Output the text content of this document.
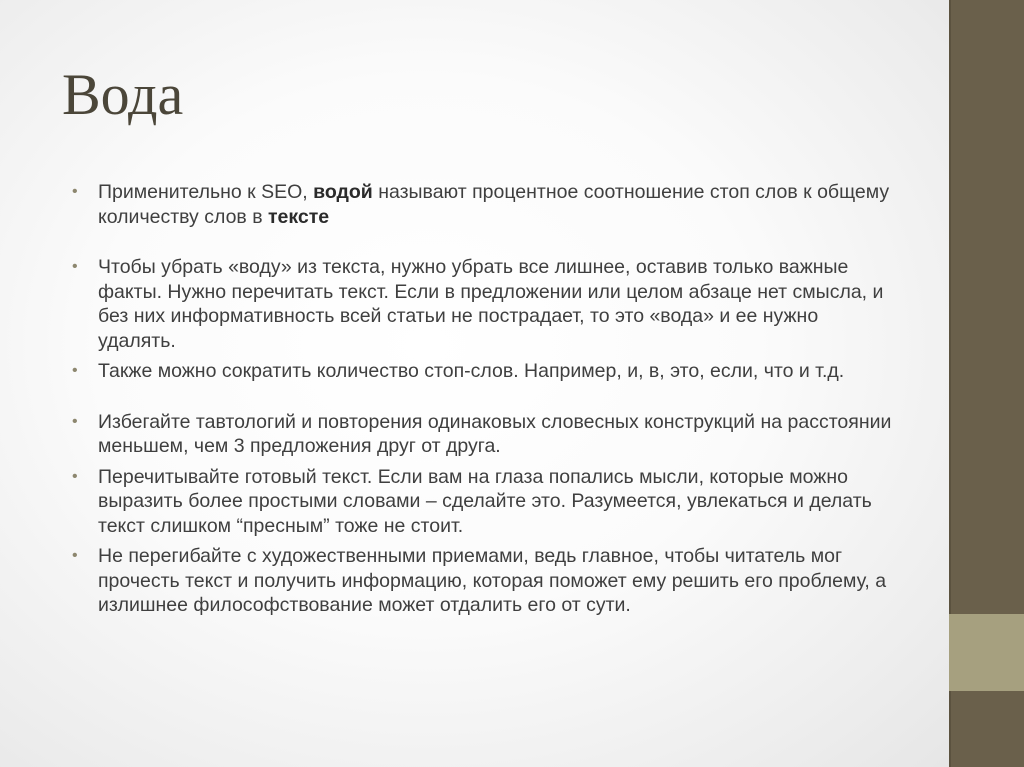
Вода
• Применительно к SEO, водой называют процентное соотношение стоп слов к общему количеству слов в тексте
• Чтобы убрать «воду» из текста, нужно убрать все лишнее, оставив только важные факты. Нужно перечитать текст. Если в предложении или целом абзаце нет смысла, и без них информативность всей статьи не пострадает, то это «вода» и ее нужно удалять.
• Также можно сократить количество стоп-слов. Например, и, в, это, если, что и т.д.
• Избегайте тавтологий и повторения одинаковых словесных конструкций на расстоянии меньшем, чем 3 предложения друг от друга.
• Перечитывайте готовый текст. Если вам на глаза попались мысли, которые можно выразить более простыми словами – сделайте это. Разумеется, увлекаться и делать текст слишком “пресным” тоже не стоит.
• Не перегибайте с художественными приемами, ведь главное, чтобы читатель мог прочесть текст и получить информацию, которая поможет ему решить его проблему, а излишнее философствование может отдалить его от сути.
